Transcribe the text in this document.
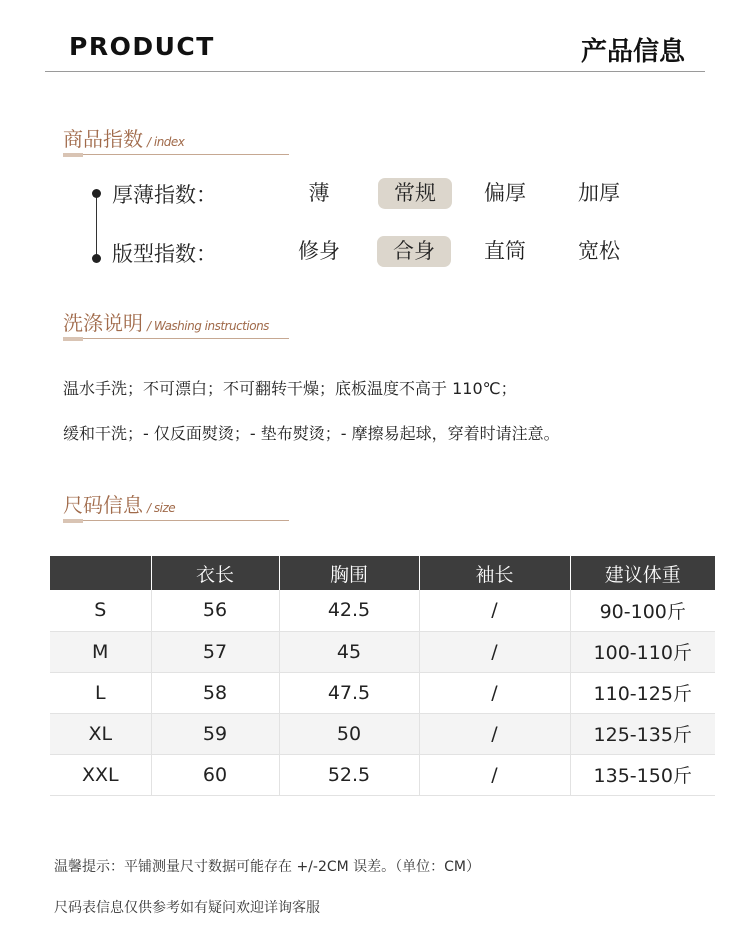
PRODUCT	产品信息
商品指数 / index
厚薄指数：	薄	常规	偏厚	加厚
版型指数：	修身	合身	直筒	宽松
洗涤说明 / Washing instructions
温水手洗；不可漂白；不可翻转干燥；底板温度不高于 110℃；
缓和干洗；- 仅反面熨烫；- 垫布熨烫；- 摩擦易起球，穿着时请注意。
尺码信息 / size
	衣长	胸围	袖长	建议体重
S	56	42.5	/	90-100斤
M	57	45	/	100-110斤
L	58	47.5	/	110-125斤
XL	59	50	/	125-135斤
XXL	60	52.5	/	135-150斤
温馨提示：平铺测量尺寸数据可能存在 +/-2CM 误差。（单位：CM）
尺码表信息仅供参考如有疑问欢迎详询客服
